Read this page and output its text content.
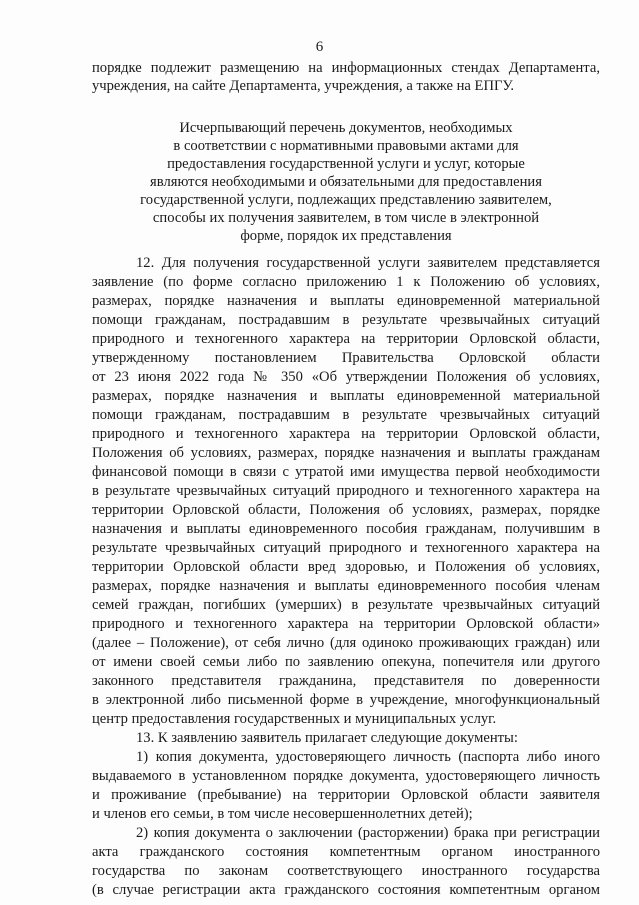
6
порядке подлежит размещению на информационных стендах Департамента,
учреждения, на сайте Департамента, учреждения, а также на ЕПГУ.
Исчерпывающий перечень документов, необходимых
в соответствии с нормативными правовыми актами для
предоставления государственной услуги и услуг, которые
являются необходимыми и обязательными для предоставления
государственной услуги, подлежащих представлению заявителем,
способы их получения заявителем, в том числе в электронной
форме, порядок их представления
12. Для получения государственной услуги заявителем представляется
заявление (по форме согласно приложению 1 к Положению об условиях,
размерах, порядке назначения и выплаты единовременной материальной
помощи гражданам, пострадавшим в результате чрезвычайных ситуаций
природного и техногенного характера на территории Орловской области,
утвержденному постановлением Правительства Орловской области
от 23 июня 2022 года № 350 «Об утверждении Положения об условиях,
размерах, порядке назначения и выплаты единовременной материальной
помощи гражданам, пострадавшим в результате чрезвычайных ситуаций
природного и техногенного характера на территории Орловской области,
Положения об условиях, размерах, порядке назначения и выплаты гражданам
финансовой помощи в связи с утратой ими имущества первой необходимости
в результате чрезвычайных ситуаций природного и техногенного характера на
территории Орловской области, Положения об условиях, размерах, порядке
назначения и выплаты единовременного пособия гражданам, получившим в
результате чрезвычайных ситуаций природного и техногенного характера на
территории Орловской области вред здоровью, и Положения об условиях,
размерах, порядке назначения и выплаты единовременного пособия членам
семей граждан, погибших (умерших) в результате чрезвычайных ситуаций
природного и техногенного характера на территории Орловской области»
(далее – Положение), от себя лично (для одиноко проживающих граждан) или
от имени своей семьи либо по заявлению опекуна, попечителя или другого
законного представителя гражданина, представителя по доверенности
в электронной либо письменной форме в учреждение, многофункциональный
центр предоставления государственных и муниципальных услуг.
13. К заявлению заявитель прилагает следующие документы:
1) копия документа, удостоверяющего личность (паспорта либо иного
выдаваемого в установленном порядке документа, удостоверяющего личность
и проживание (пребывание) на территории Орловской области заявителя
и членов его семьи, в том числе несовершеннолетних детей);
2) копия документа о заключении (расторжении) брака при регистрации
акта гражданского состояния компетентным органом иностранного
государства по законам соответствующего иностранного государства
(в случае регистрации акта гражданского состояния компетентным органом
